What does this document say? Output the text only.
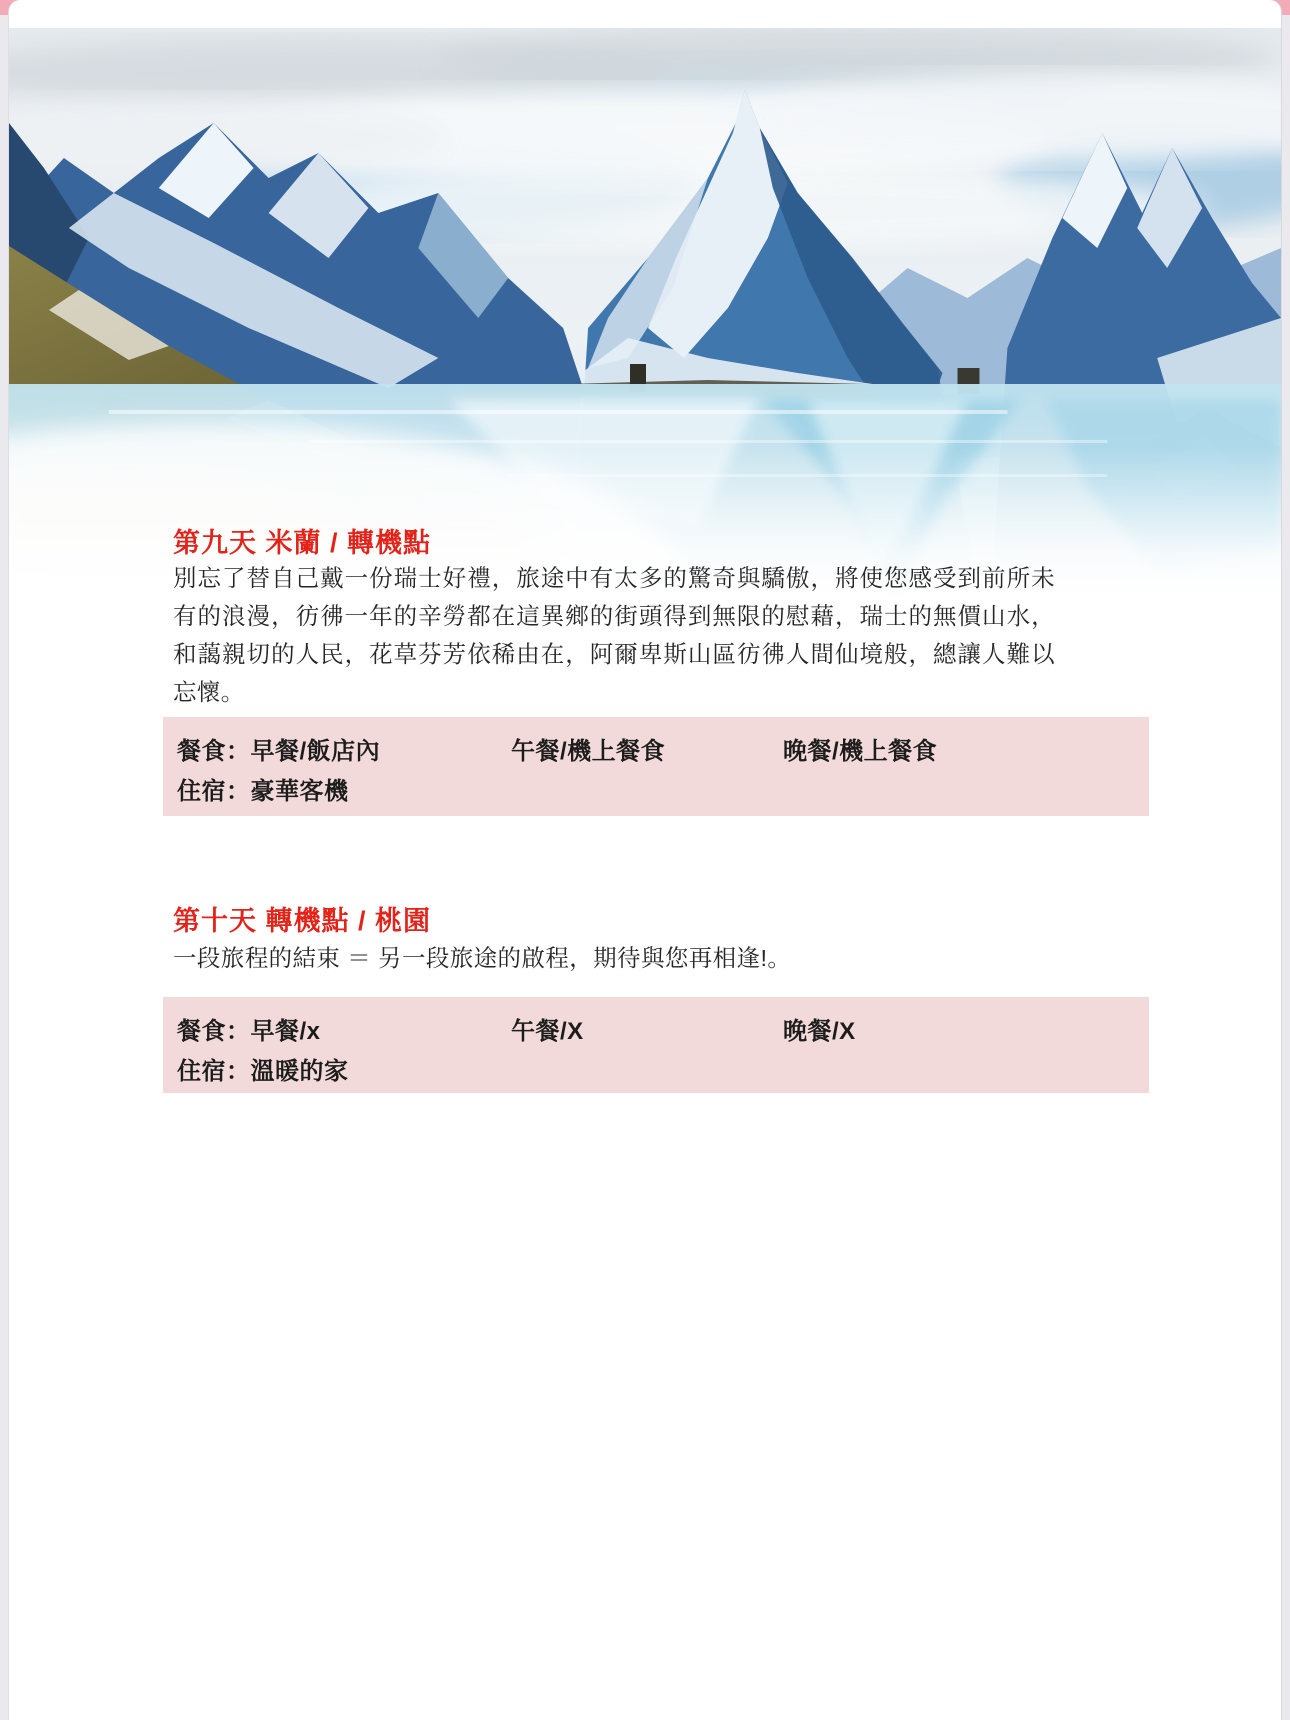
第九天 米蘭 / 轉機點
別忘了替自己戴一份瑞士好禮，旅途中有太多的驚奇與驕傲，將使您感受到前所未有的浪漫，彷彿一年的辛勞都在這異鄉的街頭得到無限的慰藉，瑞士的無價山水，和藹親切的人民，花草芬芳依稀由在，阿爾卑斯山區彷彿人間仙境般，總讓人難以忘懷。
餐食：早餐/飯店內	午餐/機上餐食	晚餐/機上餐食
住宿：豪華客機
第十天 轉機點 / 桃園
一段旅程的結束 ＝ 另一段旅途的啟程，期待與您再相逢!。
餐食：早餐/x	午餐/X	晚餐/X
住宿：溫暖的家
